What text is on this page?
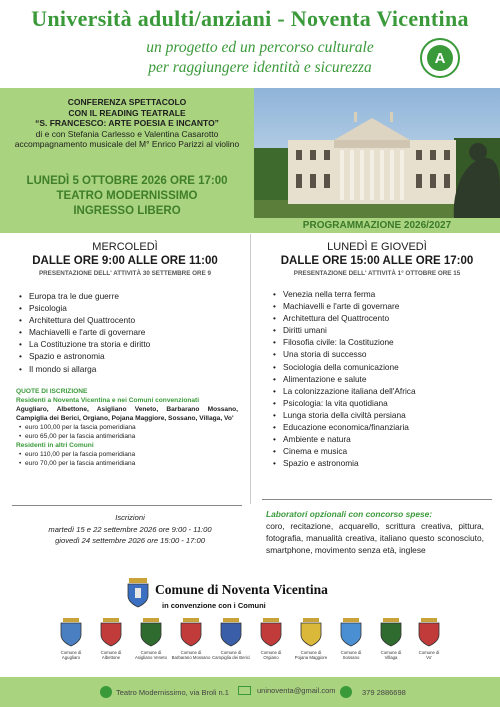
Università adulti/anziani - Noventa Vicentina
un progetto ed un percorso culturale
per raggiungere identità e sicurezza
A
CONFERENZA SPETTACOLO
CON IL READING TEATRALE
“S. FRANCESCO: ARTE POESIA E INCANTO”
di e con Stefania Carlesso e Valentina Casarotto
accompagnamento musicale del M° Enrico Parizzi al violino
LUNEDÌ 5 OTTOBRE 2026 ORE 17:00
TEATRO MODERNISSIMO
INGRESSO LIBERO
PROGRAMMAZIONE 2026/2027
MERCOLEDÌ
DALLE ORE 9:00 ALLE ORE 11:00
PRESENTAZIONE DELL' ATTIVITÀ 30 SETTEMBRE ORE 9
• Europa tra le due guerre
• Psicologia
• Architettura del Quattrocento
• Machiavelli e l'arte di governare
• La Costituzione tra storia e diritto
• Spazio e astronomia
• Il mondo si allarga
LUNEDÌ E GIOVEDÌ
DALLE ORE 15:00 ALLE ORE 17:00
PRESENTAZIONE DELL' ATTIVITÀ 1° OTTOBRE ORE 15
• Venezia nella terra ferma
• Machiavelli e l'arte di governare
• Architettura del Quattrocento
• Diritti umani
• Filosofia civile: la Costituzione
• Una storia di successo
• Sociologia della comunicazione
• Alimentazione e salute
• La colonizzazione italiana dell'Africa
• Psicologia: la vita quotidiana
• Lunga storia della civiltà persiana
• Educazione economica/finanziaria
• Ambiente e natura
• Cinema e musica
• Spazio e astronomia
QUOTE DI ISCRIZIONE
Residenti a Noventa Vicentina e nei Comuni convenzionati
Agugliaro, Albettone, Asigliano Veneto, Barbarano Mossano, Campiglia dei Berici, Orgiano, Pojana Maggiore, Sossano, Villaga, Vo'
• euro 100,00 per la fascia pomeridiana
• euro 65,00 per la fascia antimeridiana
Residenti in altri Comuni
• euro 110,00 per la fascia pomeridiana
• euro 70,00 per la fascia antimeridiana
Iscrizioni
martedì 15 e 22 settembre 2026 ore 9:00 - 11:00
giovedì 24 settembre 2026 ore 15:00 - 17:00
Laboratori opzionali con concorso spese:
coro, recitazione, acquarello, scrittura creativa, pittura, fotografia, manualità creativa, italiano questo sconosciuto, smartphone, movimento senza età, inglese
Comune di Noventa Vicentina
in convenzione con i Comuni
Comune di
Agugliaro
Comune di
Albettone
Comune di
Asigliano Veneto
Comune di
Barbarano Mossano
Comune di
Campiglia dei Berici
Comune di
Orgiano
Comune di
Pojana Maggiore
Comune di
Sossano
Comune di
Villaga
Comune di
Vo'
Teatro Modernissimo, via Broli n.1	uninoventa@gmail.com	379 2886698
